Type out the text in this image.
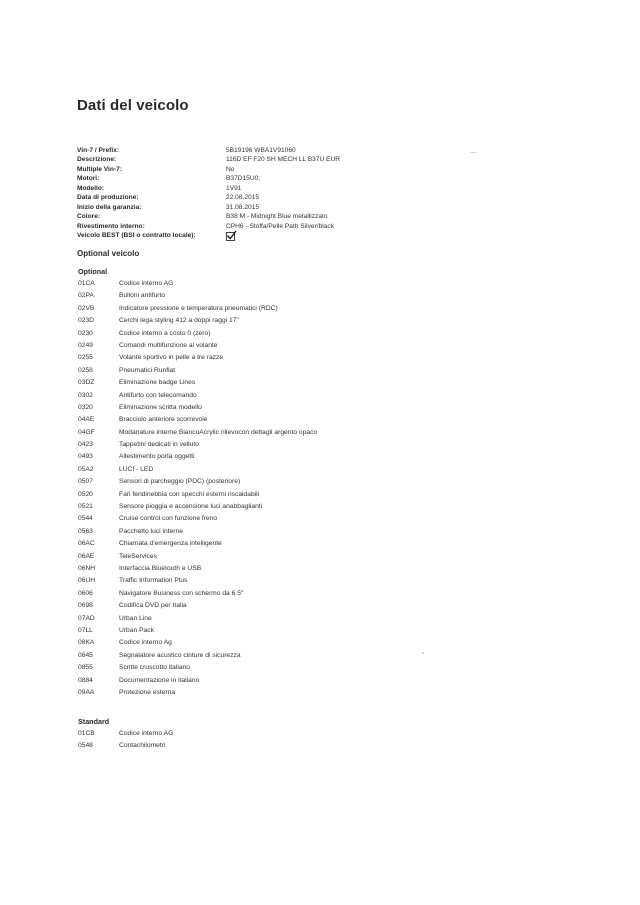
Dati del veicolo
Vin-7 / Prefix:	5B19196 WBA1V91060
Descrizione:	116D EF F20 SH MECH LL B37U EUR
Multiple Vin-7:	No
Motori:	B37D15U0;
Modello:	1V91
Data di produzione:	22.08.2015
Inizio della garanzia:	31.08.2015
Colore:	B38 M - Midnight Blue metallizzato
Rivestimento interno:	CPH6 - Stoffa/Pelle Path Silver/black
Veicolo BEST (BSI o contratto locale):
Optional veicolo
Optional
01CA	Codice interno AG
02PA	Bulloni antifurto
02VB	Indicatore pressione e temperatura pneumatici (RDC)
023D	Cerchi lega styling 412 a doppi raggi 17"
0230	Codice interno a costo 0 (zero)
0249	Comandi multifunzione al volante
0255	Volante sportivo in pelle a tre razze
0258	Pneumatici Runflat
03DZ	Eliminazione badge Lines
0302	Antifurto con telecomando
0320	Eliminazione scritta modello
04AE	Bracciolo anteriore scorrevole
04GF	Modanature interne BiancoAcrylic rilievocon dettagli argento opaco
0423	Tappetini dedicati in velluto
0493	Allestimento porta oggetti
05A2	LUCI - LED
0507	Sensori di parcheggio (PDC) (posteriore)
0520	Fari fendinebbia con specchi esterni riscaldabili
0521	Sensore pioggia e accensione luci anabbaglianti
0544	Cruise control con funzione freno
0563	Pacchetto luci interne
06AC	Chiamata d'emergenza intelligente
06AE	TeleServices
06NH	Interfaccia Bluetooth e USB
06UH	Traffic Information Plus
0606	Navigatore Business con schermo da 6.5"
0698	Codifica DVD per Italia
07AD	Urban Line
07LL	Urban Pack
08KA	Codice interno Ag
0845	Segnalatore acustico cinture di sicurezza
0855	Scritte cruscotto italiano
0884	Documentazione in italiano
09AA	Protezione esterna
Standard
01CB	Codice interno AG
0548	Contachilometri
